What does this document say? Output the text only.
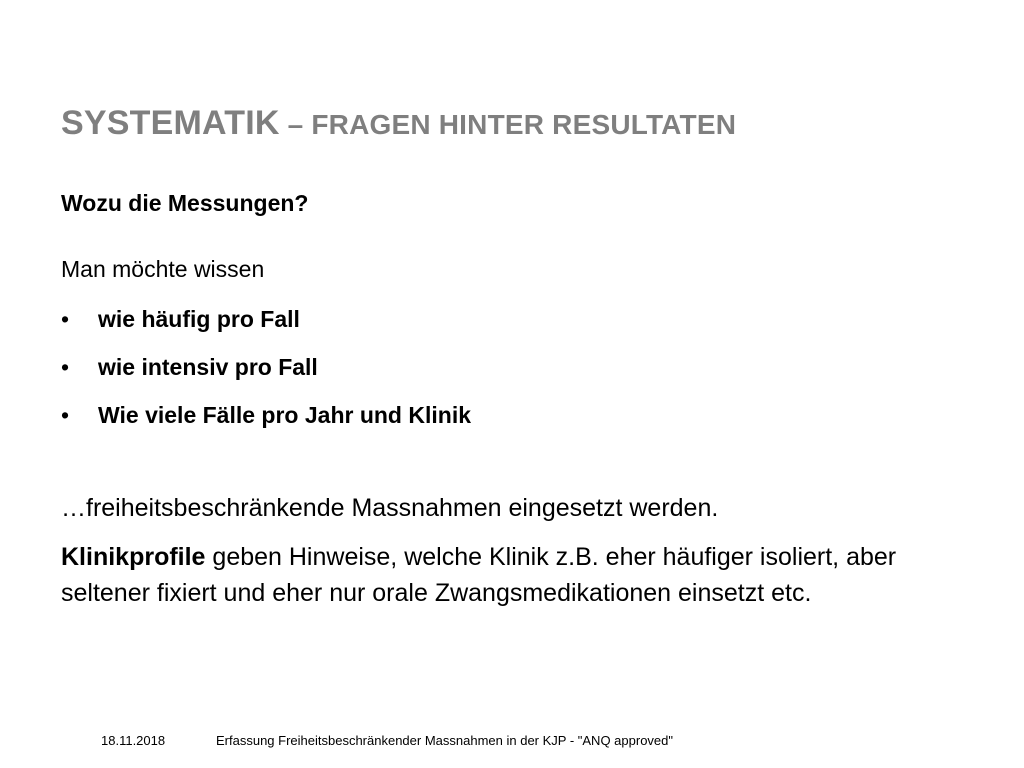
SYSTEMATIK – FRAGEN HINTER RESULTATEN

Wozu die Messungen?

Man möchte wissen

• wie häufig pro Fall
• wie intensiv pro Fall
• Wie viele Fälle pro Jahr und Klinik

…freiheitsbeschränkende Massnahmen eingesetzt werden.

Klinikprofile geben Hinweise, welche Klinik z.B. eher häufiger isoliert, aber seltener fixiert und eher nur orale Zwangsmedikationen einsetzt etc.

18.11.2018	Erfassung Freiheitsbeschränkender Massnahmen in der KJP - "ANQ approved"
